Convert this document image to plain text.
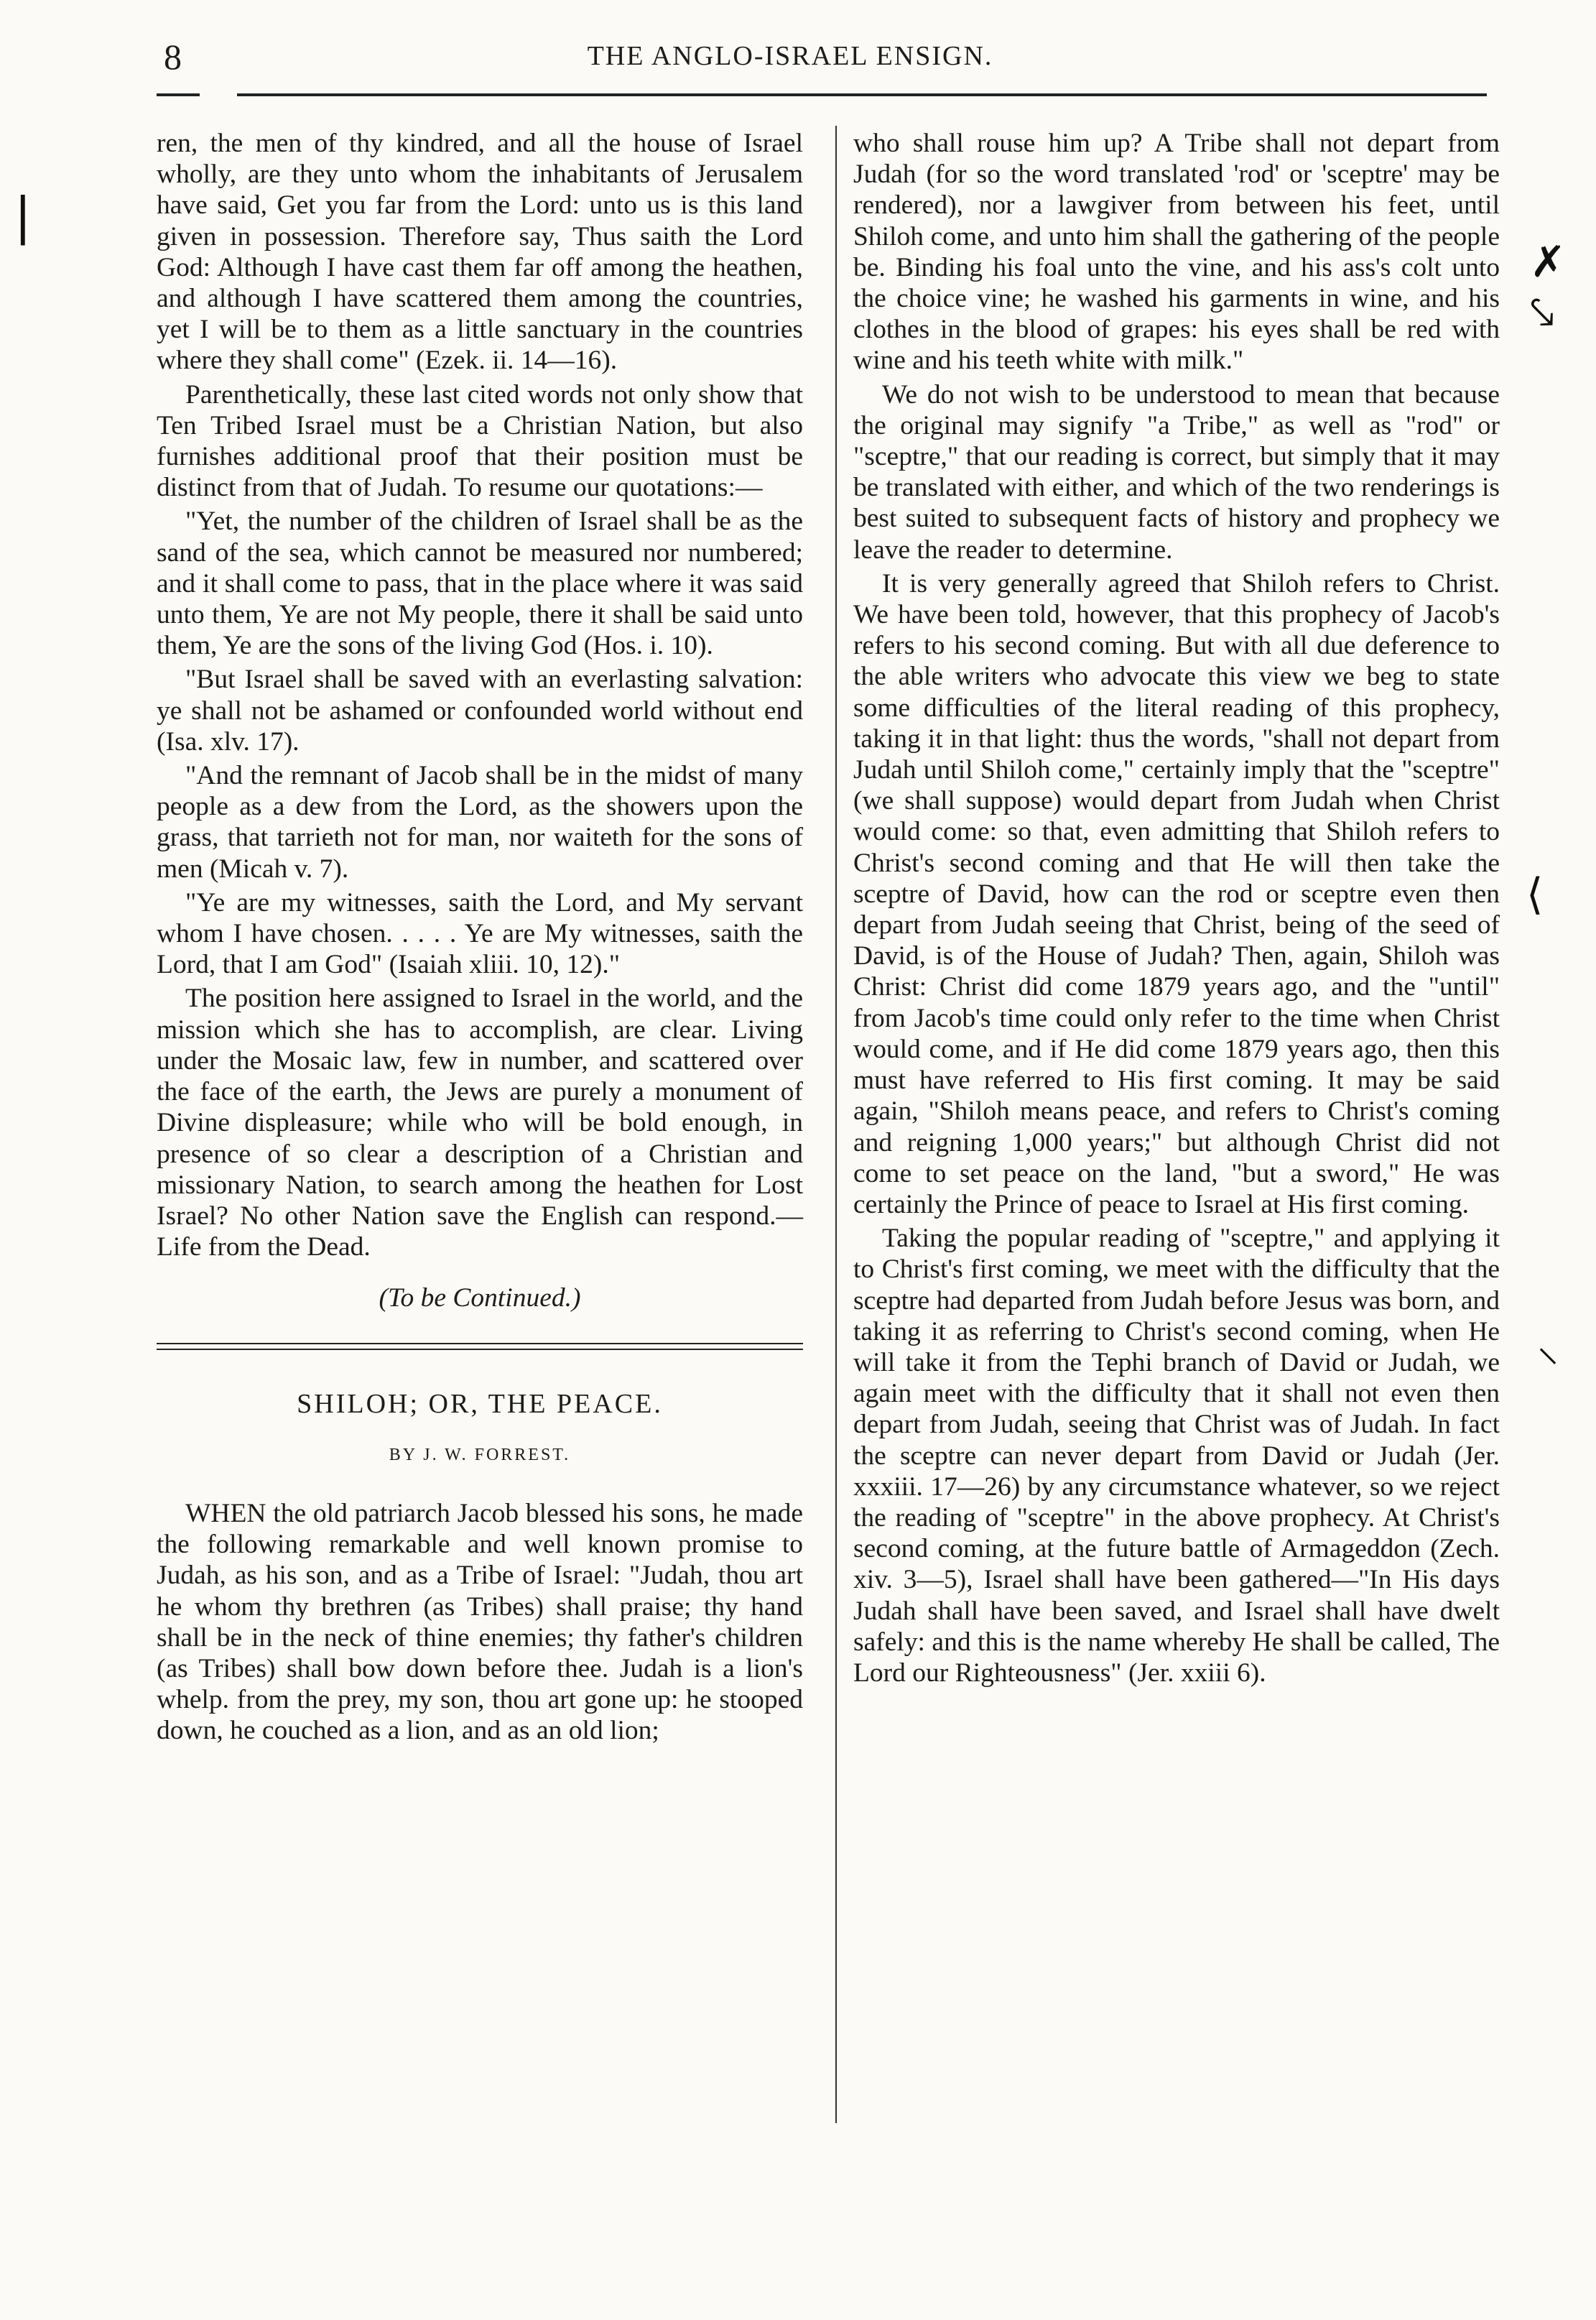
8	THE ANGLO-ISRAEL ENSIGN.

ren, the men of thy kindred, and all the house of Israel wholly, are they unto whom the inhabitants of Jerusalem have said, Get you far from the Lord: unto us is this land given in possession. Therefore say, Thus saith the Lord God: Although I have cast them far off among the heathen, and although I have scattered them among the countries, yet I will be to them as a little sanctuary in the countries where they shall come" (Ezek. ii. 14—16).

Parenthetically, these last cited words not only show that Ten Tribed Israel must be a Christian Nation, but also furnishes additional proof that their position must be distinct from that of Judah. To resume our quotations:—

"Yet, the number of the children of Israel shall be as the sand of the sea, which cannot be measured nor numbered; and it shall come to pass, that in the place where it was said unto them, Ye are not My people, there it shall be said unto them, Ye are the sons of the living God (Hos. i. 10).

"But Israel shall be saved with an everlasting salvation: ye shall not be ashamed or confounded world without end (Isa. xlv. 17).

"And the remnant of Jacob shall be in the midst of many people as a dew from the Lord, as the showers upon the grass, that tarrieth not for man, nor waiteth for the sons of men (Micah v. 7).

"Ye are my witnesses, saith the Lord, and My servant whom I have chosen. . . . . Ye are My witnesses, saith the Lord, that I am God" (Isaiah xliii. 10, 12)."

The position here assigned to Israel in the world, and the mission which she has to accomplish, are clear. Living under the Mosaic law, few in number, and scattered over the face of the earth, the Jews are purely a monument of Divine displeasure; while who will be bold enough, in presence of so clear a description of a Christian and missionary Nation, to search among the heathen for Lost Israel? No other Nation save the English can respond.—Life from the Dead.

(To be Continued.)

SHILOH; OR, THE PEACE.
BY J. W. FORREST.

WHEN the old patriarch Jacob blessed his sons, he made the following remarkable and well known promise to Judah, as his son, and as a Tribe of Israel: "Judah, thou art he whom thy brethren (as Tribes) shall praise; thy hand shall be in the neck of thine enemies; thy father's children (as Tribes) shall bow down before thee. Judah is a lion's whelp. from the prey, my son, thou art gone up: he stooped down, he couched as a lion, and as an old lion;

who shall rouse him up? A Tribe shall not depart from Judah (for so the word translated 'rod' or 'sceptre' may be rendered), nor a lawgiver from between his feet, until Shiloh come, and unto him shall the gathering of the people be. Binding his foal unto the vine, and his ass's colt unto the choice vine; he washed his garments in wine, and his clothes in the blood of grapes: his eyes shall be red with wine and his teeth white with milk."

We do not wish to be understood to mean that because the original may signify "a Tribe," as well as "rod" or "sceptre," that our reading is correct, but simply that it may be translated with either, and which of the two renderings is best suited to subsequent facts of history and prophecy we leave the reader to determine.

It is very generally agreed that Shiloh refers to Christ. We have been told, however, that this prophecy of Jacob's refers to his second coming. But with all due deference to the able writers who advocate this view we beg to state some difficulties of the literal reading of this prophecy, taking it in that light: thus the words, "shall not depart from Judah until Shiloh come," certainly imply that the "sceptre" (we shall suppose) would depart from Judah when Christ would come: so that, even admitting that Shiloh refers to Christ's second coming and that He will then take the sceptre of David, how can the rod or sceptre even then depart from Judah seeing that Christ, being of the seed of David, is of the House of Judah? Then, again, Shiloh was Christ: Christ did come 1879 years ago, and the "until" from Jacob's time could only refer to the time when Christ would come, and if He did come 1879 years ago, then this must have referred to His first coming. It may be said again, "Shiloh means peace, and refers to Christ's coming and reigning 1,000 years;" but although Christ did not come to set peace on the land, "but a sword," He was certainly the Prince of peace to Israel at His first coming.

Taking the popular reading of "sceptre," and applying it to Christ's first coming, we meet with the difficulty that the sceptre had departed from Judah before Jesus was born, and taking it as referring to Christ's second coming, when He will take it from the Tephi branch of David or Judah, we again meet with the difficulty that it shall not even then depart from Judah, seeing that Christ was of Judah. In fact the sceptre can never depart from David or Judah (Jer. xxxiii. 17—26) by any circumstance whatever, so we reject the reading of "sceptre" in the above prophecy. At Christ's second coming, at the future battle of Armageddon (Zech. xiv. 3—5), Israel shall have been gathered—"In His days Judah shall have been saved, and Israel shall have dwelt safely: and this is the name whereby He shall be called, The Lord our Righteousness" (Jer. xxiii 6).

|
✗
⤥
⟨
⸜
